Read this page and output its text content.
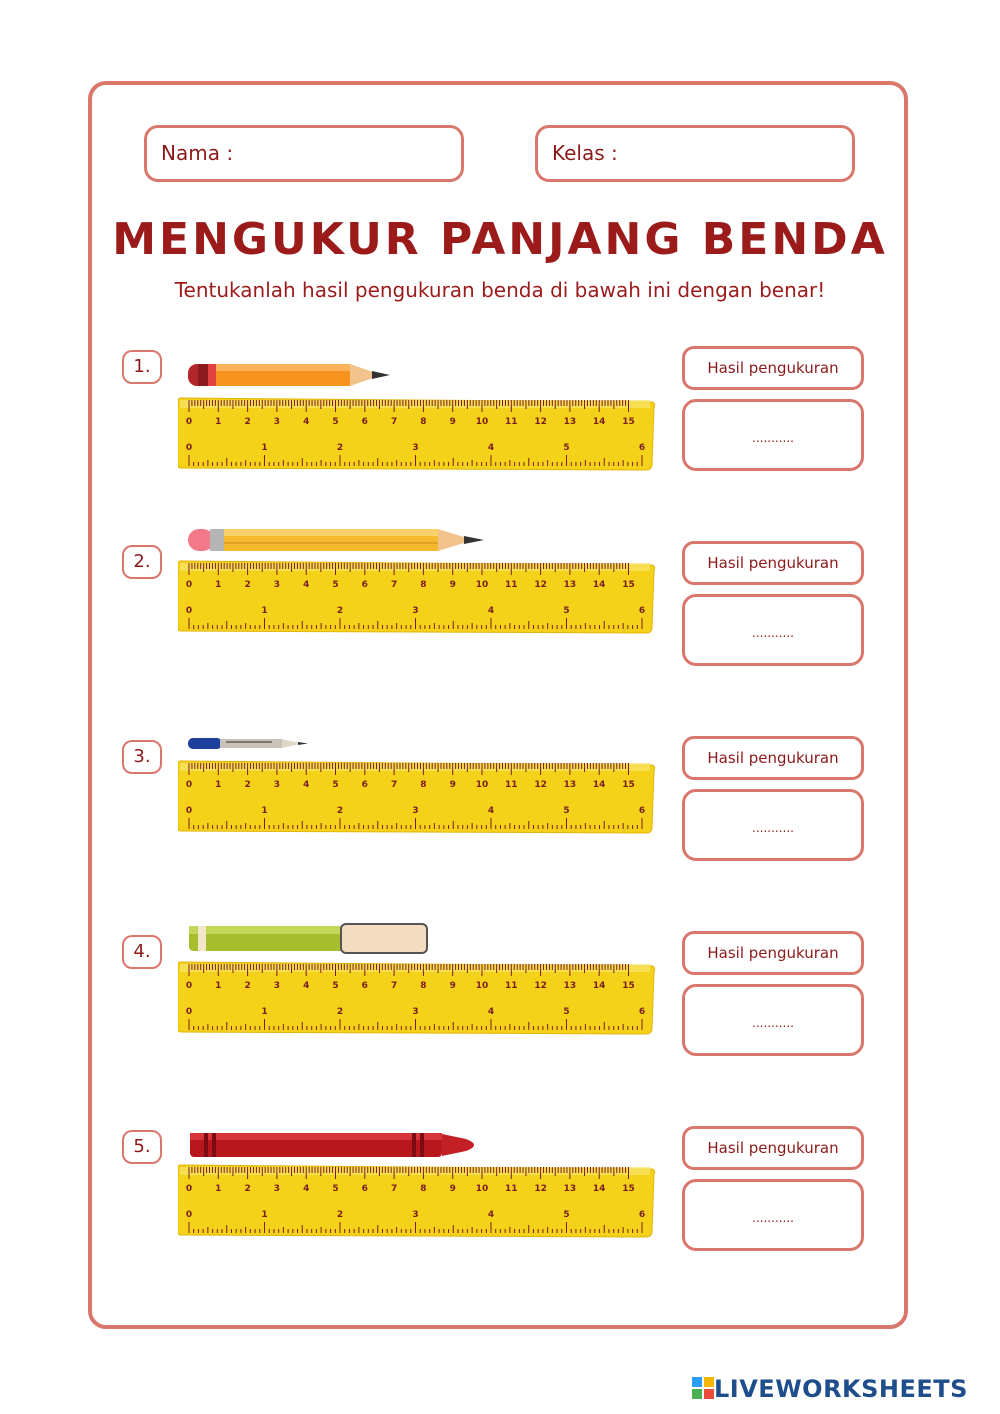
Nama :	Kelas :
MENGUKUR PANJANG BENDA
Tentukanlah hasil pengukuran benda di bawah ini dengan benar!
1.
0	1	2	3	4	5	6	7	8	9 10 11 12 13 14 15
0	1	2	3	4	5	6
Hasil pengukuran
...........
2.
0	1	2	3	4	5	6	7	8	9 10 11 12 13 14 15
0	1	2	3	4	5	6
Hasil pengukuran
...........
3.
0	1	2	3	4	5	6	7	8	9 10 11 12 13 14 15
0	1	2	3	4	5	6
Hasil pengukuran
...........
4.
0	1	2	3	4	5	6	7	8	9 10 11 12 13 14 15
0	1	2	3	4	5	6
Hasil pengukuran
...........
5.
0	1	2	3	4	5	6	7	8	9 10 11 12 13 14 15
0	1	2	3	4	5	6
Hasil pengukuran
...........
LIVEWORKSHEETS
